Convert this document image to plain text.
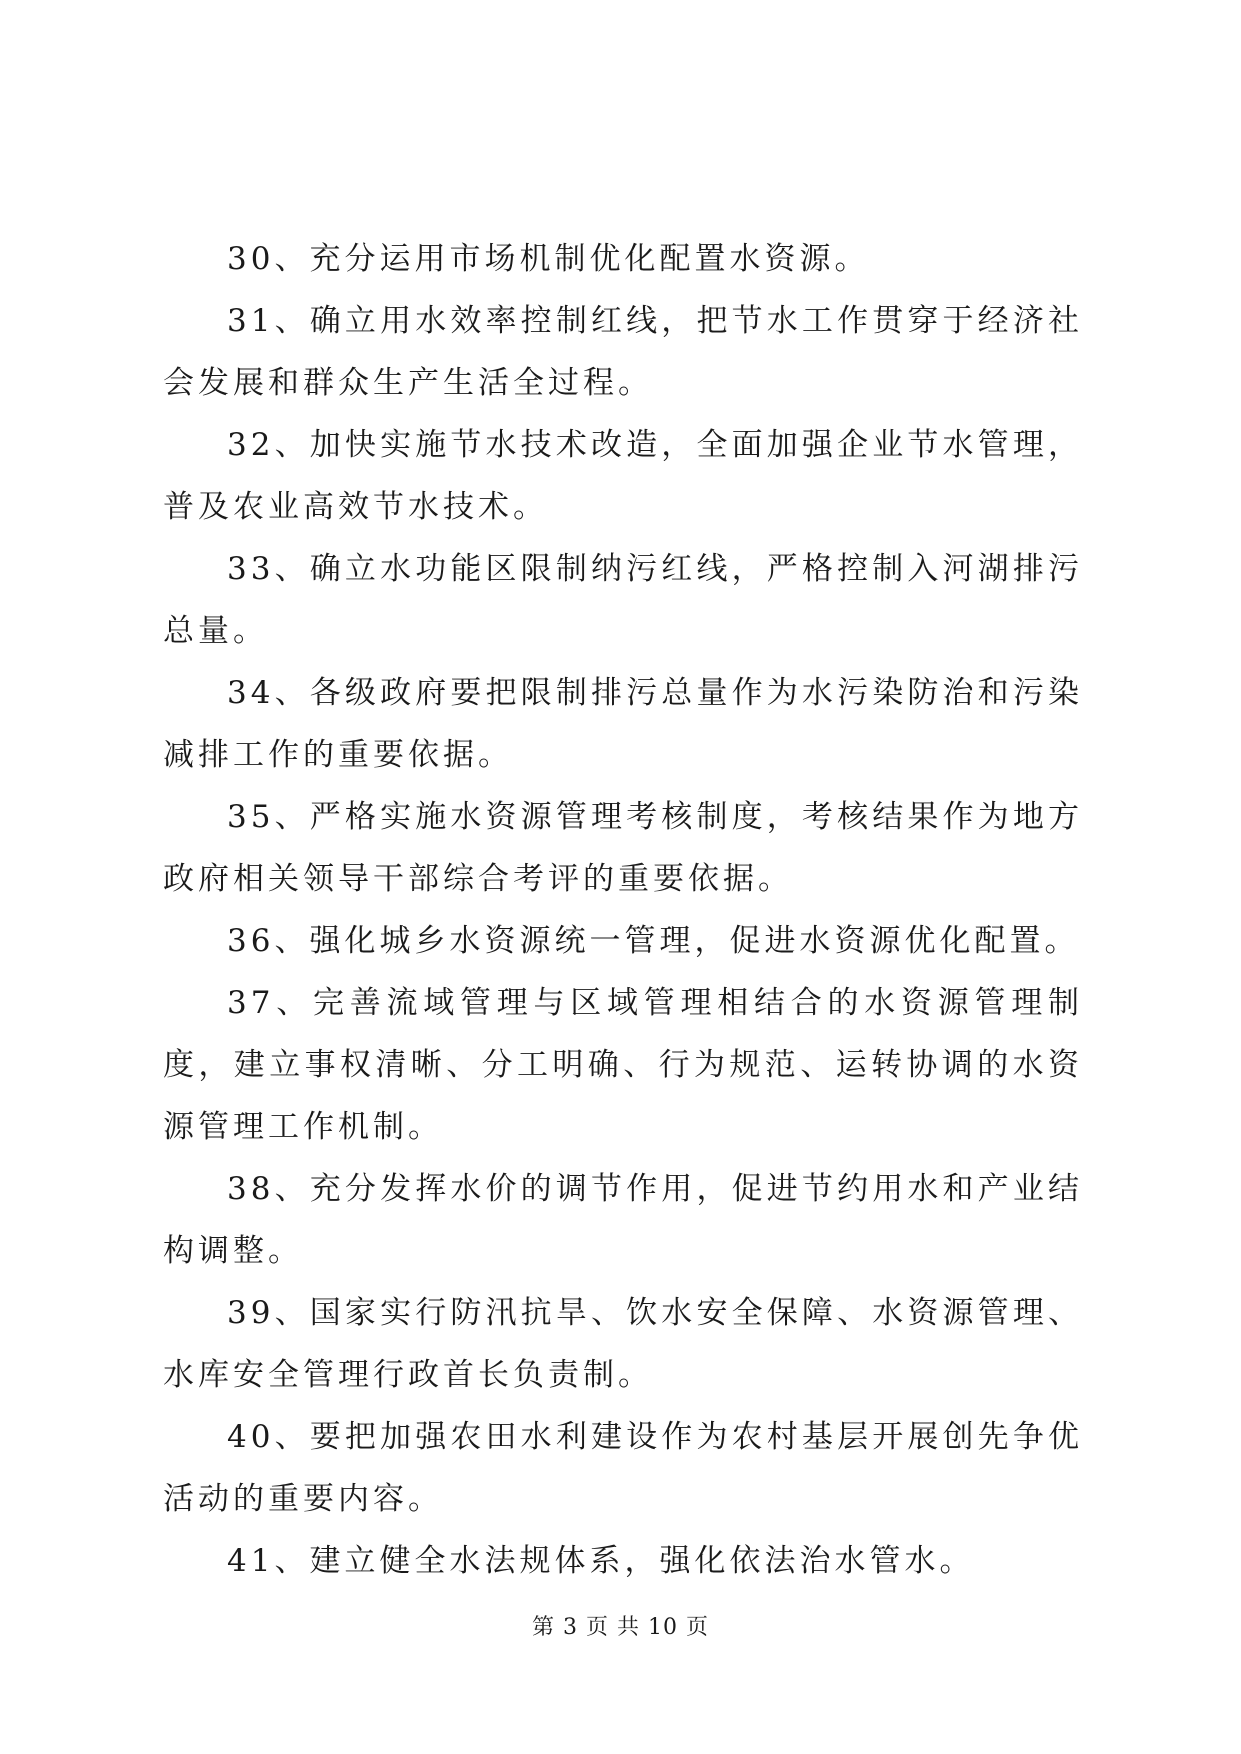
30、充分运用市场机制优化配置水资源。

31、确立用水效率控制红线，把节水工作贯穿于经济社会发展和群众生产生活全过程。

32、加快实施节水技术改造，全面加强企业节水管理，普及农业高效节水技术。

33、确立水功能区限制纳污红线，严格控制入河湖排污总量。

34、各级政府要把限制排污总量作为水污染防治和污染减排工作的重要依据。

35、严格实施水资源管理考核制度，考核结果作为地方政府相关领导干部综合考评的重要依据。

36、强化城乡水资源统一管理，促进水资源优化配置。

37、完善流域管理与区域管理相结合的水资源管理制度，建立事权清晰、分工明确、行为规范、运转协调的水资源管理工作机制。

38、充分发挥水价的调节作用，促进节约用水和产业结构调整。

39、国家实行防汛抗旱、饮水安全保障、水资源管理、水库安全管理行政首长负责制。

40、要把加强农田水利建设作为农村基层开展创先争优活动的重要内容。

41、建立健全水法规体系，强化依法治水管水。

第 3 页 共 10 页
